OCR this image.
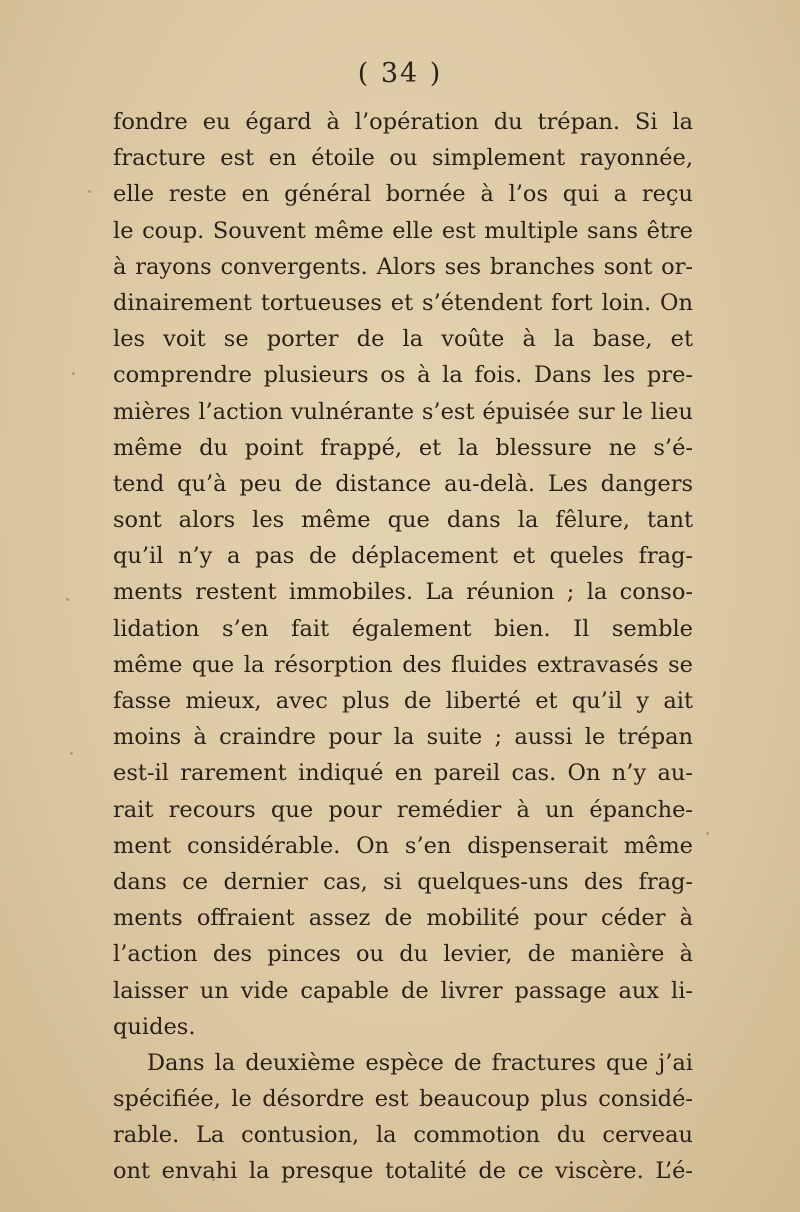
( 34 )
fondre eu égard à l’opération du trépan. Si la
fracture est en étoile ou simplement rayonnée,
elle reste en général bornée à l’os qui a reçu
le coup. Souvent même elle est multiple sans être
à rayons convergents. Alors ses branches sont or-
dinairement tortueuses et s’étendent fort loin. On
les voit se porter de la voûte à la base, et
comprendre plusieurs os à la fois. Dans les pre-
mières l’action vulnérante s’est épuisée sur le lieu
même du point frappé, et la blessure ne s’é-
tend qu’à peu de distance au-delà. Les dangers
sont alors les même que dans la fêlure, tant
qu’il n’y a pas de déplacement et queles frag-
ments restent immobiles. La réunion ; la conso-
lidation s’en fait également bien. Il semble
même que la résorption des fluides extravasés se
fasse mieux, avec plus de liberté et qu’il y ait
moins à craindre pour la suite ; aussi le trépan
est-il rarement indiqué en pareil cas. On n’y au-
rait recours que pour remédier à un épanche-
ment considérable. On s’en dispenserait même
dans ce dernier cas, si quelques-uns des frag-
ments offraient assez de mobilité pour céder à
l’action des pinces ou du levier, de manière à
laisser un vide capable de livrer passage aux li-
quides.
Dans la deuxième espèce de fractures que j’ai
spécifiée, le désordre est beaucoup plus considé-
rable. La contusion, la commotion du cerveau
ont envahi la presque totalité de ce viscère. L’é-
